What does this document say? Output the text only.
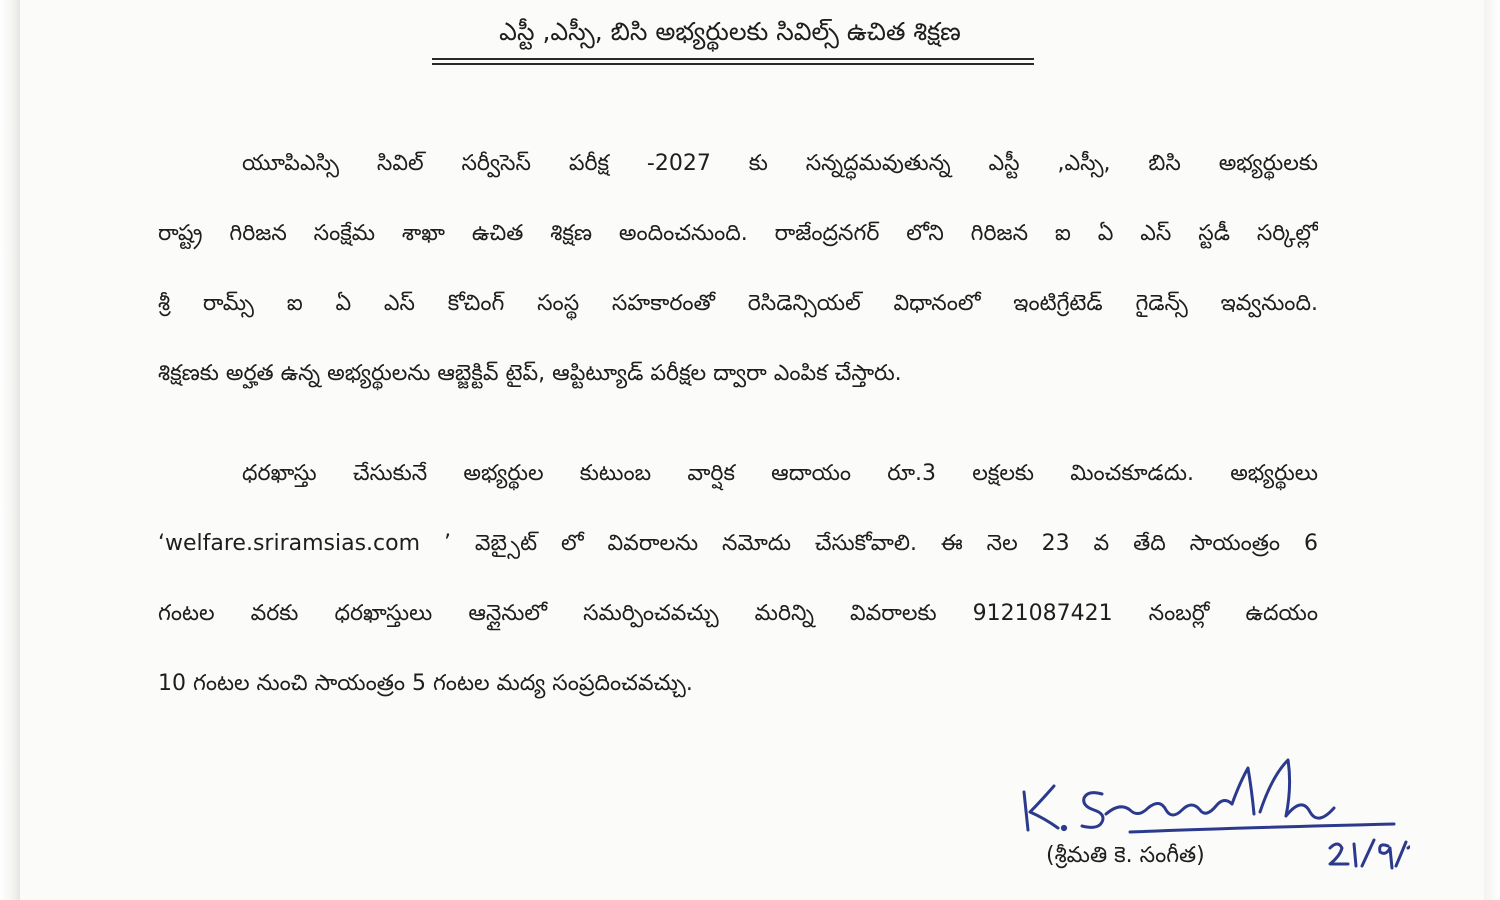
ఎస్టీ ,ఎస్సీ, బిసి అభ్యర్థులకు సివిల్స్ ఉచిత శిక్షణ
యూపిఎస్సి సివిల్ సర్వీసెస్ పరీక్ష -2027 కు సన్నద్ధమవుతున్న ఎస్టీ ,ఎస్సీ, బిసి అభ్యర్థులకు
రాష్ట్ర గిరిజన సంక్షేమ శాఖా ఉచిత శిక్షణ అందించనుంది. రాజేంద్రనగర్ లోని గిరిజన ఐ ఏ ఎస్ స్టడీ సర్కిల్లో
శ్రీ రామ్స్ ఐ ఏ ఎస్ కోచింగ్ సంస్థ సహకారంతో రెసిడెన్సియల్ విధానంలో ఇంటిగ్రేటెడ్ గైడెన్స్ ఇవ్వనుంది.
శిక్షణకు అర్హత ఉన్న అభ్యర్థులను ఆబ్జెక్టివ్ టైప్, ఆప్టిట్యూడ్ పరీక్షల ద్వారా ఎంపిక చేస్తారు.
ధరఖాస్తు చేసుకునే అభ్యర్థుల కుటుంబ వార్షిక ఆదాయం రూ.3 లక్షలకు మించకూడదు. అభ్యర్థులు
‘welfare.sriramsias.com ’ వెబ్సైట్ లో వివరాలను నమోదు చేసుకోవాలి. ఈ నెల 23 వ తేది సాయంత్రం 6
గంటల వరకు ధరఖాస్తులు ఆన్లైనులో సమర్పించవచ్చు మరిన్ని వివరాలకు 9121087421 నంబర్లో ఉదయం
10 గంటల నుంచి సాయంత్రం 5 గంటల మద్య సంప్రదించవచ్చు.
(శ్రీమతి కె. సంగీత)
